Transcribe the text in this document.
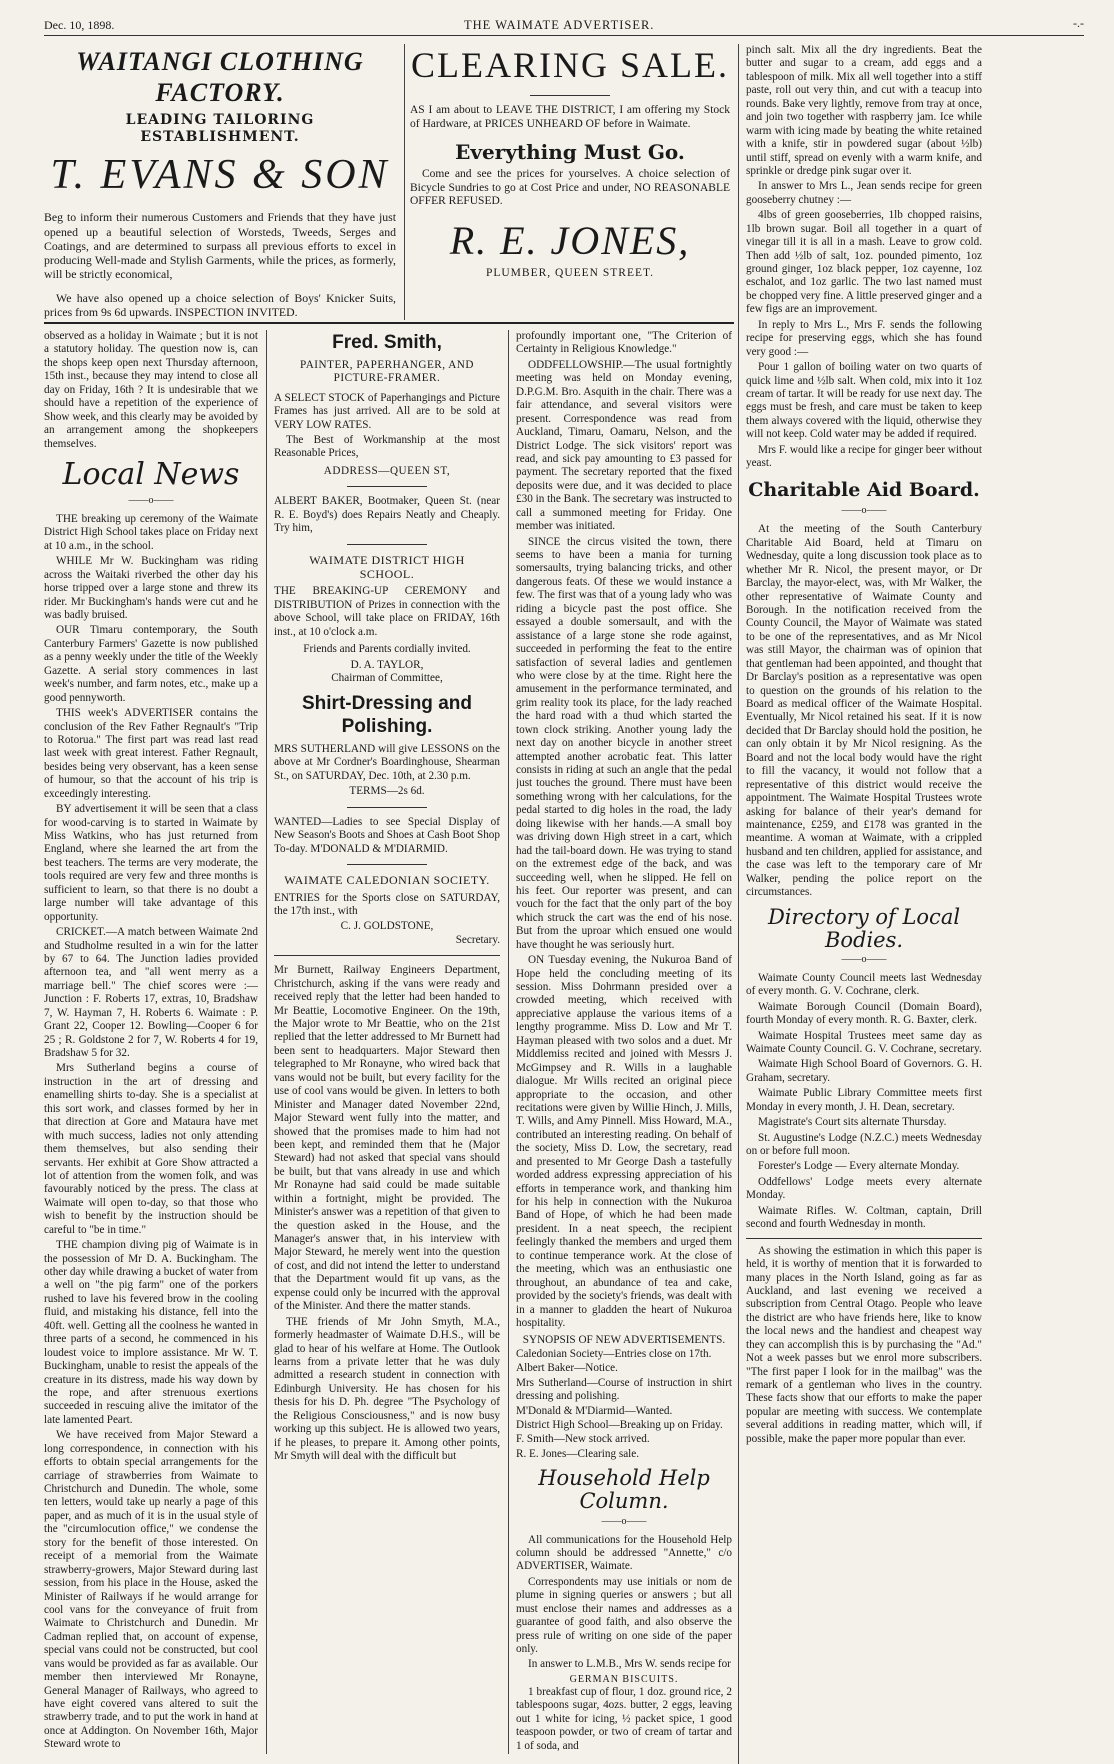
Dec. 10, 1898.	THE WAIMATE ADVERTISER.	-.-
WAITANGI CLOTHING FACTORY.
LEADING TAILORING ESTABLISHMENT.
T. EVANS & SON

Beg to inform their numerous Customers and Friends that they have just opened up a beautiful selection of Worsteds, Tweeds, Serges and Coatings, and are determined to surpass all previous efforts to excel in producing Well-made and Stylish Garments, while the prices, as formerly, will be strictly economical,

We have also opened up a choice selection of Boys' Knicker Suits, prices from 9s 6d upwards. INSPECTION INVITED.

CLEARING SALE.

AS I am about to LEAVE THE DISTRICT, I am offering my Stock of Hardware, at PRICES UNHEARD OF before in Waimate.

Everything Must Go.

Come and see the prices for yourselves. A choice selection of Bicycle Sundries to go at Cost Price and under, NO REASONABLE OFFER REFUSED.

R. E. JONES,
PLUMBER, QUEEN STREET.

observed as a holiday in Waimate ; but it is not a statutory holiday. The question now is, can the shops keep open next Thursday afternoon, 15th inst., because they may intend to close all day on Friday, 16th ? It is undesirable that we should have a repetition of the experience of Show week, and this clearly may be avoided by an arrangement among the shopkeepers themselves.

Local News
——o——

THE breaking up ceremony of the Waimate District High School takes place on Friday next at 10 a.m., in the school.

WHILE Mr W. Buckingham was riding across the Waitaki riverbed the other day his horse tripped over a large stone and threw its rider. Mr Buckingham's hands were cut and he was badly bruised.

OUR Timaru contemporary, the South Canterbury Farmers' Gazette is now published as a penny weekly under the title of the Weekly Gazette. A serial story commences in last week's number, and farm notes, etc., make up a good pennyworth.

THIS week's ADVERTISER contains the conclusion of the Rev Father Regnault's "Trip to Rotorua." The first part was read last read last week with great interest. Father Regnault, besides being very observant, has a keen sense of humour, so that the account of his trip is exceedingly interesting.

BY advertisement it will be seen that a class for wood-carving is to started in Waimate by Miss Watkins, who has just returned from England, where she learned the art from the best teachers. The terms are very moderate, the tools required are very few and three months is sufficient to learn, so that there is no doubt a large number will take advantage of this opportunity.

CRICKET.—A match between Waimate 2nd and Studholme resulted in a win for the latter by 67 to 64. The Junction ladies provided afternoon tea, and "all went merry as a marriage bell." The chief scores were :— Junction : F. Roberts 17, extras, 10, Bradshaw 7, W. Hayman 7, H. Roberts 6. Waimate : P. Grant 22, Cooper 12. Bowling—Cooper 6 for 25 ; R. Goldstone 2 for 7, W. Roberts 4 for 19, Bradshaw 5 for 32.

Mrs Sutherland begins a course of instruction in the art of dressing and enamelling shirts to-day. She is a specialist at this sort work, and classes formed by her in that direction at Gore and Mataura have met with much success, ladies not only attending them themselves, but also sending their servants. Her exhibit at Gore Show attracted a lot of attention from the women folk, and was favourably noticed by the press. The class at Waimate will open to-day, so that those who wish to benefit by the instruction should be careful to "be in time."

THE champion diving pig of Waimate is in the possession of Mr D. A. Buckingham. The other day while drawing a bucket of water from a well on "the pig farm" one of the porkers rushed to lave his fevered brow in the cooling fluid, and mistaking his distance, fell into the 40ft. well. Getting all the coolness he wanted in three parts of a second, he commenced in his loudest voice to implore assistance. Mr W. T. Buckingham, unable to resist the appeals of the creature in its distress, made his way down by the rope, and after strenuous exertions succeeded in rescuing alive the imitator of the late lamented Peart.

We have received from Major Steward a long correspondence, in connection with his efforts to obtain special arrangements for the carriage of strawberries from Waimate to Christchurch and Dunedin. The whole, some ten letters, would take up nearly a page of this paper, and as much of it is in the usual style of the "circumlocution office," we condense the story for the benefit of those interested. On receipt of a memorial from the Waimate strawberry-growers, Major Steward during last session, from his place in the House, asked the Minister of Railways if he would arrange for cool vans for the conveyance of fruit from Waimate to Christchurch and Dunedin. Mr Cadman replied that, on account of expense, special vans could not be constructed, but cool vans would be provided as far as available. Our member then interviewed Mr Ronayne, General Manager of Railways, who agreed to have eight covered vans altered to suit the strawberry trade, and to put the work in hand at once at Addington. On November 16th, Major Steward wrote to

Fred. Smith,
PAINTER, PAPERHANGER, AND
PICTURE-FRAMER.

A SELECT STOCK of Paperhangings and Picture Frames has just arrived. All are to be sold at VERY LOW RATES.

The Best of Workmanship at the most Reasonable Prices,

ADDRESS—QUEEN ST,

ALBERT BAKER, Bootmaker, Queen St. (near R. E. Boyd's) does Repairs Neatly and Cheaply. Try him,

WAIMATE DISTRICT HIGH
SCHOOL.

THE BREAKING-UP CEREMONY and DISTRIBUTION of Prizes in connection with the above School, will take place on FRIDAY, 16th inst., at 10 o'clock a.m.

Friends and Parents cordially invited.

D. A. TAYLOR,
Chairman of Committee,
Shirt-Dressing and Polishing.

MRS SUTHERLAND will give LESSONS on the above at Mr Cordner's Boardinghouse, Shearman St., on SATURDAY, Dec. 10th, at 2.30 p.m.

TERMS—2s 6d.

WANTED—Ladies to see Special Display of New Season's Boots and Shoes at Cash Boot Shop To-day. M'DONALD & M'DIARMID.

WAIMATE CALEDONIAN SOCIETY.

ENTRIES for the Sports close on SATURDAY, the 17th inst., with

C. J. GOLDSTONE,
Secretary.

Mr Burnett, Railway Engineers Department, Christchurch, asking if the vans were ready and received reply that the letter had been handed to Mr Beattie, Locomotive Engineer. On the 19th, the Major wrote to Mr Beattie, who on the 21st replied that the letter addressed to Mr Burnett had been sent to headquarters. Major Steward then telegraphed to Mr Ronayne, who wired back that vans would not be built, but every facility for the use of cool vans would be given. In letters to both Minister and Manager dated November 22nd, Major Steward went fully into the matter, and showed that the promises made to him had not been kept, and reminded them that he (Major Steward) had not asked that special vans should be built, but that vans already in use and which Mr Ronayne had said could be made suitable within a fortnight, might be provided. The Minister's answer was a repetition of that given to the question asked in the House, and the Manager's answer that, in his interview with Major Steward, he merely went into the question of cost, and did not intend the letter to understand that the Department would fit up vans, as the expense could only be incurred with the approval of the Minister. And there the matter stands.

THE friends of Mr John Smyth, M.A., formerly headmaster of Waimate D.H.S., will be glad to hear of his welfare at Home. The Outlook learns from a private letter that he was duly admitted a research student in connection with Edinburgh University. He has chosen for his thesis for his D. Ph. degree "The Psychology of the Religious Consciousness," and is now busy working up this subject. He is allowed two years, if he pleases, to prepare it. Among other points, Mr Smyth will deal with the difficult but

profoundly important one, "The Criterion of Certainty in Religious Knowledge."

ODDFELLOWSHIP.—The usual fortnightly meeting was held on Monday evening, D.P.G.M. Bro. Asquith in the chair. There was a fair attendance, and several visitors were present. Correspondence was read from Auckland, Timaru, Oamaru, Nelson, and the District Lodge. The sick visitors' report was read, and sick pay amounting to £3 passed for payment. The secretary reported that the fixed deposits were due, and it was decided to place £30 in the Bank. The secretary was instructed to call a summoned meeting for Friday. One member was initiated.

SINCE the circus visited the town, there seems to have been a mania for turning somersaults, trying balancing tricks, and other dangerous feats. Of these we would instance a few. The first was that of a young lady who was riding a bicycle past the post office. She essayed a double somersault, and with the assistance of a large stone she rode against, succeeded in performing the feat to the entire satisfaction of several ladies and gentlemen who were close by at the time. Right here the amusement in the performance terminated, and grim reality took its place, for the lady reached the hard road with a thud which started the town clock striking. Another young lady the next day on another bicycle in another street attempted another acrobatic feat. This latter consists in riding at such an angle that the pedal just touches the ground. There must have been something wrong with her calculations, for the pedal started to dig holes in the road, the lady doing likewise with her hands.—A small boy was driving down High street in a cart, which had the tail-board down. He was trying to stand on the extremest edge of the back, and was succeeding well, when he slipped. He fell on his feet. Our reporter was present, and can vouch for the fact that the only part of the boy which struck the cart was the end of his nose. But from the uproar which ensued one would have thought he was seriously hurt.

ON Tuesday evening, the Nukuroa Band of Hope held the concluding meeting of its session. Miss Dohrmann presided over a crowded meeting, which received with appreciative applause the various items of a lengthy programme. Miss D. Low and Mr T. Hayman pleased with two solos and a duet. Mr Middlemiss recited and joined with Messrs J. McGimpsey and R. Wills in a laughable dialogue. Mr Wills recited an original piece appropriate to the occasion, and other recitations were given by Willie Hinch, J. Mills, T. Wills, and Amy Pinnell. Miss Howard, M.A., contributed an interesting reading. On behalf of the society, Miss D. Low, the secretary, read and presented to Mr George Dash a tastefully worded address expressing appreciation of his efforts in temperance work, and thanking him for his help in connection with the Nukuroa Band of Hope, of which he had been made president. In a neat speech, the recipient feelingly thanked the members and urged them to continue temperance work. At the close of the meeting, which was an enthusiastic one throughout, an abundance of tea and cake, provided by the society's friends, was dealt with in a manner to gladden the heart of Nukuroa hospitality.

SYNOPSIS OF NEW ADVERTISEMENTS.

Caledonian Society—Entries close on 17th.

Albert Baker—Notice.

Mrs Sutherland—Course of instruction in shirt dressing and polishing.

M'Donald & M'Diarmid—Wanted.

District High School—Breaking up on Friday.

F. Smith—New stock arrived.

R. E. Jones—Clearing sale.

Household Help Column.
——o——

All communications for the Household Help column should be addressed "Annette," c/o ADVERTISER, Waimate.

Correspondents may use initials or nom de plume in signing queries or answers ; but all must enclose their names and addresses as a guarantee of good faith, and also observe the press rule of writing on one side of the paper only.

In answer to L.M.B., Mrs W. sends recipe for

GERMAN BISCUITS.

1 breakfast cup of flour, 1 doz. ground rice, 2 tablespoons sugar, 4ozs. butter, 2 eggs, leaving out 1 white for icing, ½ packet spice, 1 good teaspoon powder, or two of cream of tartar and 1 of soda, and

pinch salt. Mix all the dry ingredients. Beat the butter and sugar to a cream, add eggs and a tablespoon of milk. Mix all well together into a stiff paste, roll out very thin, and cut with a teacup into rounds. Bake very lightly, remove from tray at once, and join two together with raspberry jam. Ice while warm with icing made by beating the white retained with a knife, stir in powdered sugar (about ½lb) until stiff, spread on evenly with a warm knife, and sprinkle or dredge pink sugar over it.

In answer to Mrs L., Jean sends recipe for green gooseberry chutney :—

4lbs of green gooseberries, 1lb chopped raisins, 1lb brown sugar. Boil all together in a quart of vinegar till it is all in a mash. Leave to grow cold. Then add ½lb of salt, 1oz. pounded pimento, 1oz ground ginger, 1oz black pepper, 1oz cayenne, 1oz eschalot, and 1oz garlic. The two last named must be chopped very fine. A little preserved ginger and a few figs are an improvement.

In reply to Mrs L., Mrs F. sends the following recipe for preserving eggs, which she has found very good :—

Pour 1 gallon of boiling water on two quarts of quick lime and ½lb salt. When cold, mix into it 1oz cream of tartar. It will be ready for use next day. The eggs must be fresh, and care must be taken to keep them always covered with the liquid, otherwise they will not keep. Cold water may be added if required.

Mrs F. would like a recipe for ginger beer without yeast.

Charitable Aid Board.
——o——

At the meeting of the South Canterbury Charitable Aid Board, held at Timaru on Wednesday, quite a long discussion took place as to whether Mr R. Nicol, the present mayor, or Dr Barclay, the mayor-elect, was, with Mr Walker, the other representative of Waimate County and Borough. In the notification received from the County Council, the Mayor of Waimate was stated to be one of the representatives, and as Mr Nicol was still Mayor, the chairman was of opinion that that gentleman had been appointed, and thought that Dr Barclay's position as a representative was open to question on the grounds of his relation to the Board as medical officer of the Waimate Hospital. Eventually, Mr Nicol retained his seat. If it is now decided that Dr Barclay should hold the position, he can only obtain it by Mr Nicol resigning. As the Board and not the local body would have the right to fill the vacancy, it would not follow that a representative of this district would receive the appointment. The Waimate Hospital Trustees wrote asking for balance of their year's demand for maintenance, £259, and £178 was granted in the meantime. A woman at Waimate, with a crippled husband and ten children, applied for assistance, and the case was left to the temporary care of Mr Walker, pending the police report on the circumstances.

Directory of Local Bodies.
——o——

Waimate County Council meets last Wednesday of every month. G. V. Cochrane, clerk.

Waimate Borough Council (Domain Board), fourth Monday of every month. R. G. Baxter, clerk.

Waimate Hospital Trustees meet same day as Waimate County Council. G. V. Cochrane, secretary.

Waimate High School Board of Governors. G. H. Graham, secretary.

Waimate Public Library Committee meets first Monday in every month, J. H. Dean, secretary.

Magistrate's Court sits alternate Thursday.

St. Augustine's Lodge (N.Z.C.) meets Wednesday on or before full moon.

Forester's Lodge — Every alternate Monday.

Oddfellows' Lodge meets every alternate Monday.

Waimate Rifles. W. Coltman, captain, Drill second and fourth Wednesday in month.

As showing the estimation in which this paper is held, it is worthy of mention that it is forwarded to many places in the North Island, going as far as Auckland, and last evening we received a subscription from Central Otago. People who leave the district are who have friends here, like to know the local news and the handiest and cheapest way they can accomplish this is by purchasing the "Ad." Not a week passes but we enrol more subscribers. "The first paper I look for in the mailbag" was the remark of a gentleman who lives in the country. These facts show that our efforts to make the paper popular are meeting with success. We contemplate several additions in reading matter, which will, if possible, make the paper more popular than ever.
